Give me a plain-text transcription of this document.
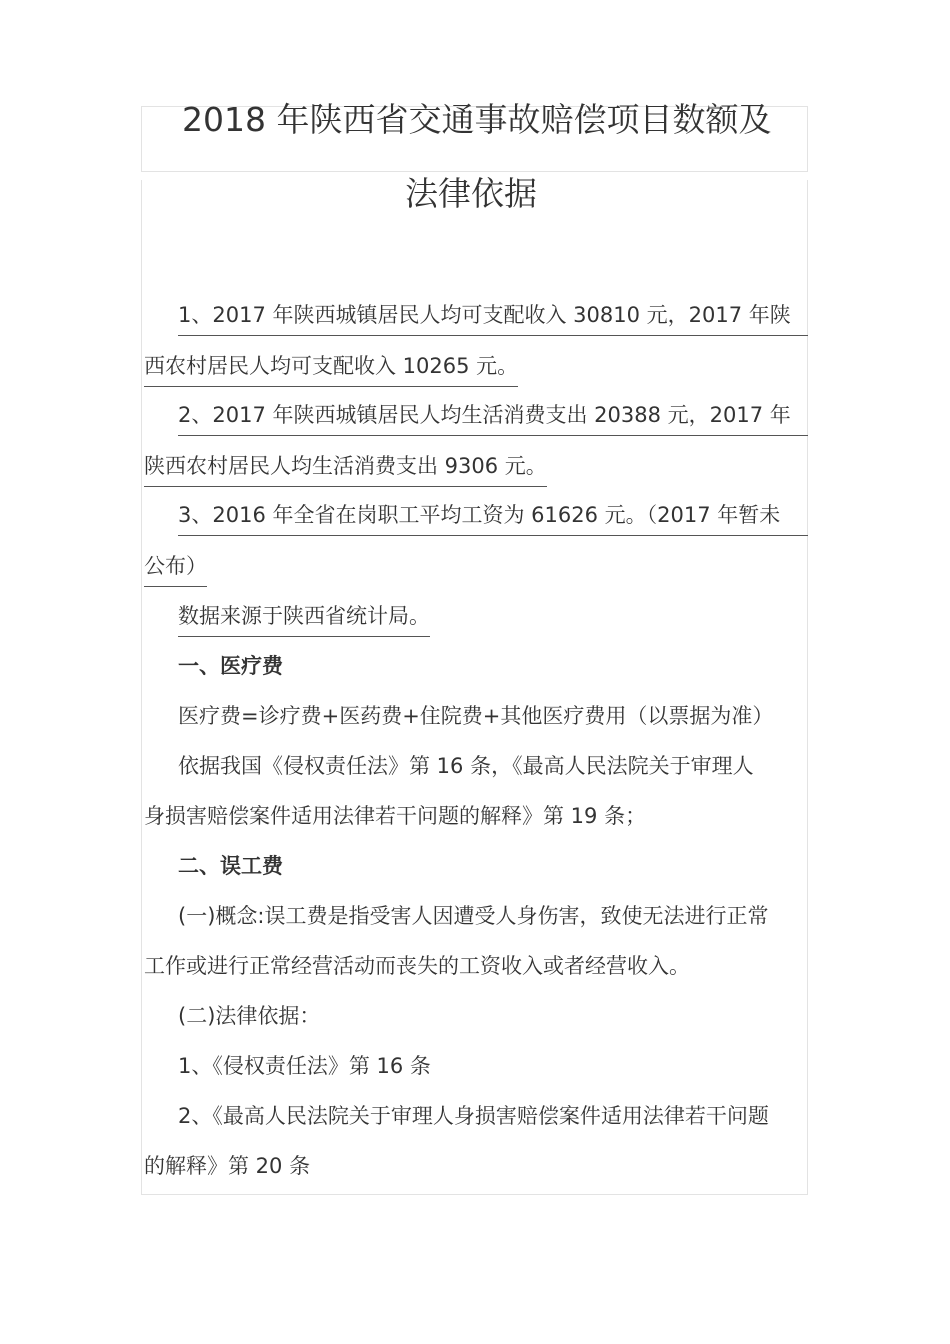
2018 年陕西省交通事故赔偿项目数额及
法律依据
1、2017 年陕西城镇居民人均可支配收入 30810 元，2017 年陕
西农村居民人均可支配收入 10265 元。
2、2017 年陕西城镇居民人均生活消费支出 20388 元，2017 年
陕西农村居民人均生活消费支出 9306 元。
3、2016 年全省在岗职工平均工资为 61626 元。（2017 年暂未
公布）
数据来源于陕西省统计局。
一、医疗费
医疗费=诊疗费+医药费+住院费+其他医疗费用（以票据为准）
依据我国《侵权责任法》第 16 条，《最高人民法院关于审理人
身损害赔偿案件适用法律若干问题的解释》第 19 条；
二、误工费
(一)概念:误工费是指受害人因遭受人身伤害，致使无法进行正常
工作或进行正常经营活动而丧失的工资收入或者经营收入。
(二)法律依据：
1、《侵权责任法》第 16 条
2、《最高人民法院关于审理人身损害赔偿案件适用法律若干问题
的解释》第 20 条
